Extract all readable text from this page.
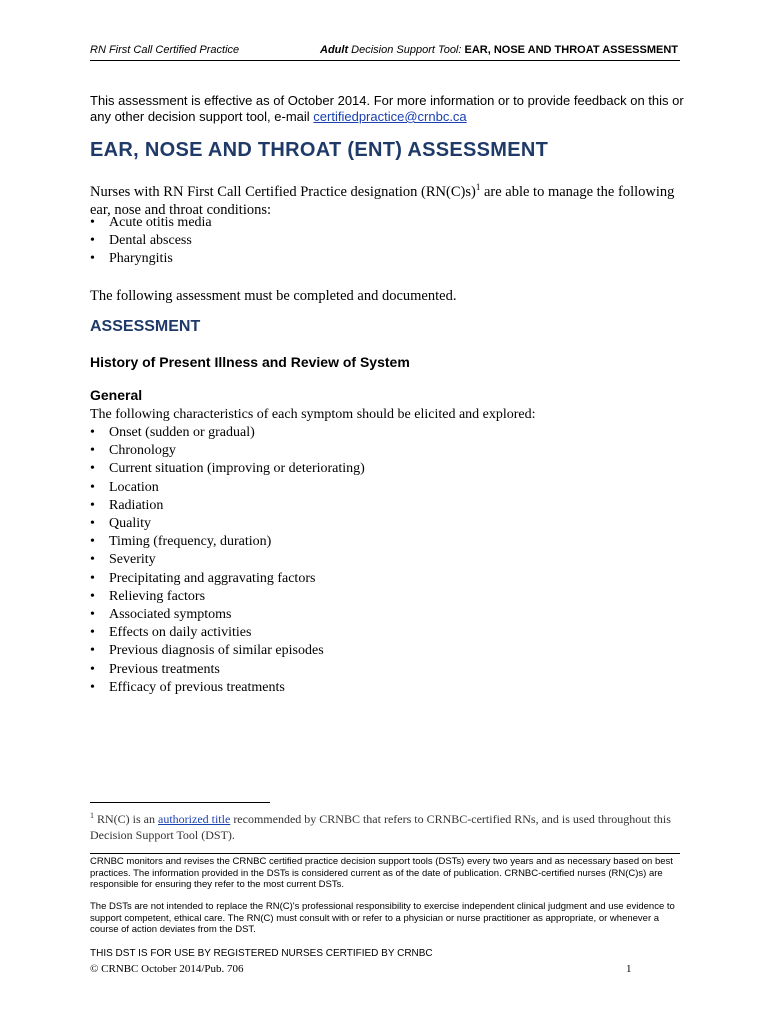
RN First Call Certified Practice	Adult Decision Support Tool: EAR, NOSE AND THROAT ASSESSMENT
This assessment is effective as of October 2014. For more information or to provide feedback on this or any other decision support tool, e-mail certifiedpractice@crnbc.ca
EAR, NOSE AND THROAT (ENT) ASSESSMENT
Nurses with RN First Call Certified Practice designation $(RN(C)s)^1$ are able to manage the following ear, nose and throat conditions:
• Acute otitis media
• Dental abscess
• Pharyngitis
The following assessment must be completed and documented.
ASSESSMENT
History of Present Illness and Review of System
General
The following characteristics of each symptom should be elicited and explored:
• Onset (sudden or gradual)
• Chronology
• Current situation (improving or deteriorating)
• Location
• Radiation
• Quality
• Timing (frequency, duration)
• Severity
• Precipitating and aggravating factors
• Relieving factors
• Associated symptoms
• Effects on daily activities
• Previous diagnosis of similar episodes
• Previous treatments
• Efficacy of previous treatments
$^1$ RN(C) is an authorized title recommended by CRNBC that refers to CRNBC-certified RNs, and is used throughout this Decision Support Tool (DST).
CRNBC monitors and revises the CRNBC certified practice decision support tools (DSTs) every two years and as necessary based on best practices. The information provided in the DSTs is considered current as of the date of publication. CRNBC-certified nurses (RN(C)s) are responsible for ensuring they refer to the most current DSTs.
The DSTs are not intended to replace the RN(C)'s professional responsibility to exercise independent clinical judgment and use evidence to support competent, ethical care. The RN(C) must consult with or refer to a physician or nurse practitioner as appropriate, or whenever a course of action deviates from the DST.
THIS DST IS FOR USE BY REGISTERED NURSES CERTIFIED BY CRNBC
© CRNBC October 2014/Pub. 706	1
